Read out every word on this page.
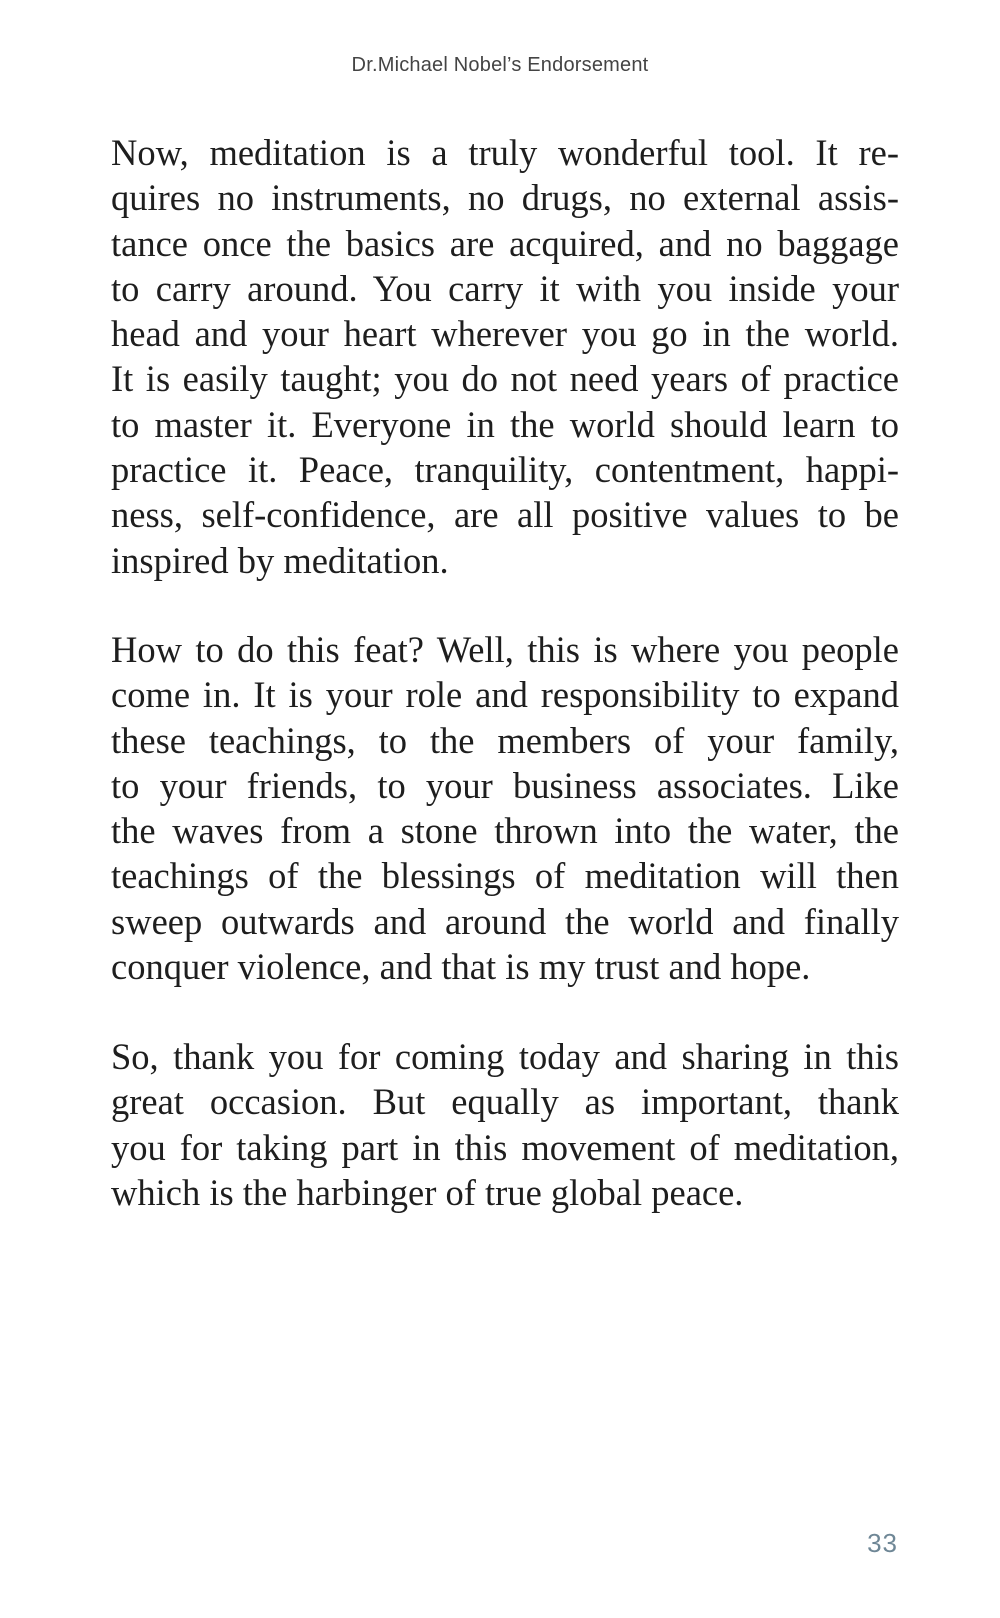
Dr.Michael Nobel’s Endorsement
Now, meditation is a truly wonderful tool. It re-
quires no instruments, no drugs, no external assis-
tance once the basics are acquired, and no baggage
to carry around. You carry it with you inside your
head and your heart wherever you go in the world.
It is easily taught; you do not need years of practice
to master it. Everyone in the world should learn to
practice it. Peace, tranquility, contentment, happi-
ness, self-confidence, are all positive values to be
inspired by meditation.
How to do this feat? Well, this is where you people
come in. It is your role and responsibility to expand
these teachings, to the members of your family,
to your friends, to your business associates. Like
the waves from a stone thrown into the water, the
teachings of the blessings of meditation will then
sweep outwards and around the world and finally
conquer violence, and that is my trust and hope.
So, thank you for coming today and sharing in this
great occasion. But equally as important, thank
you for taking part in this movement of meditation,
which is the harbinger of true global peace.
33
